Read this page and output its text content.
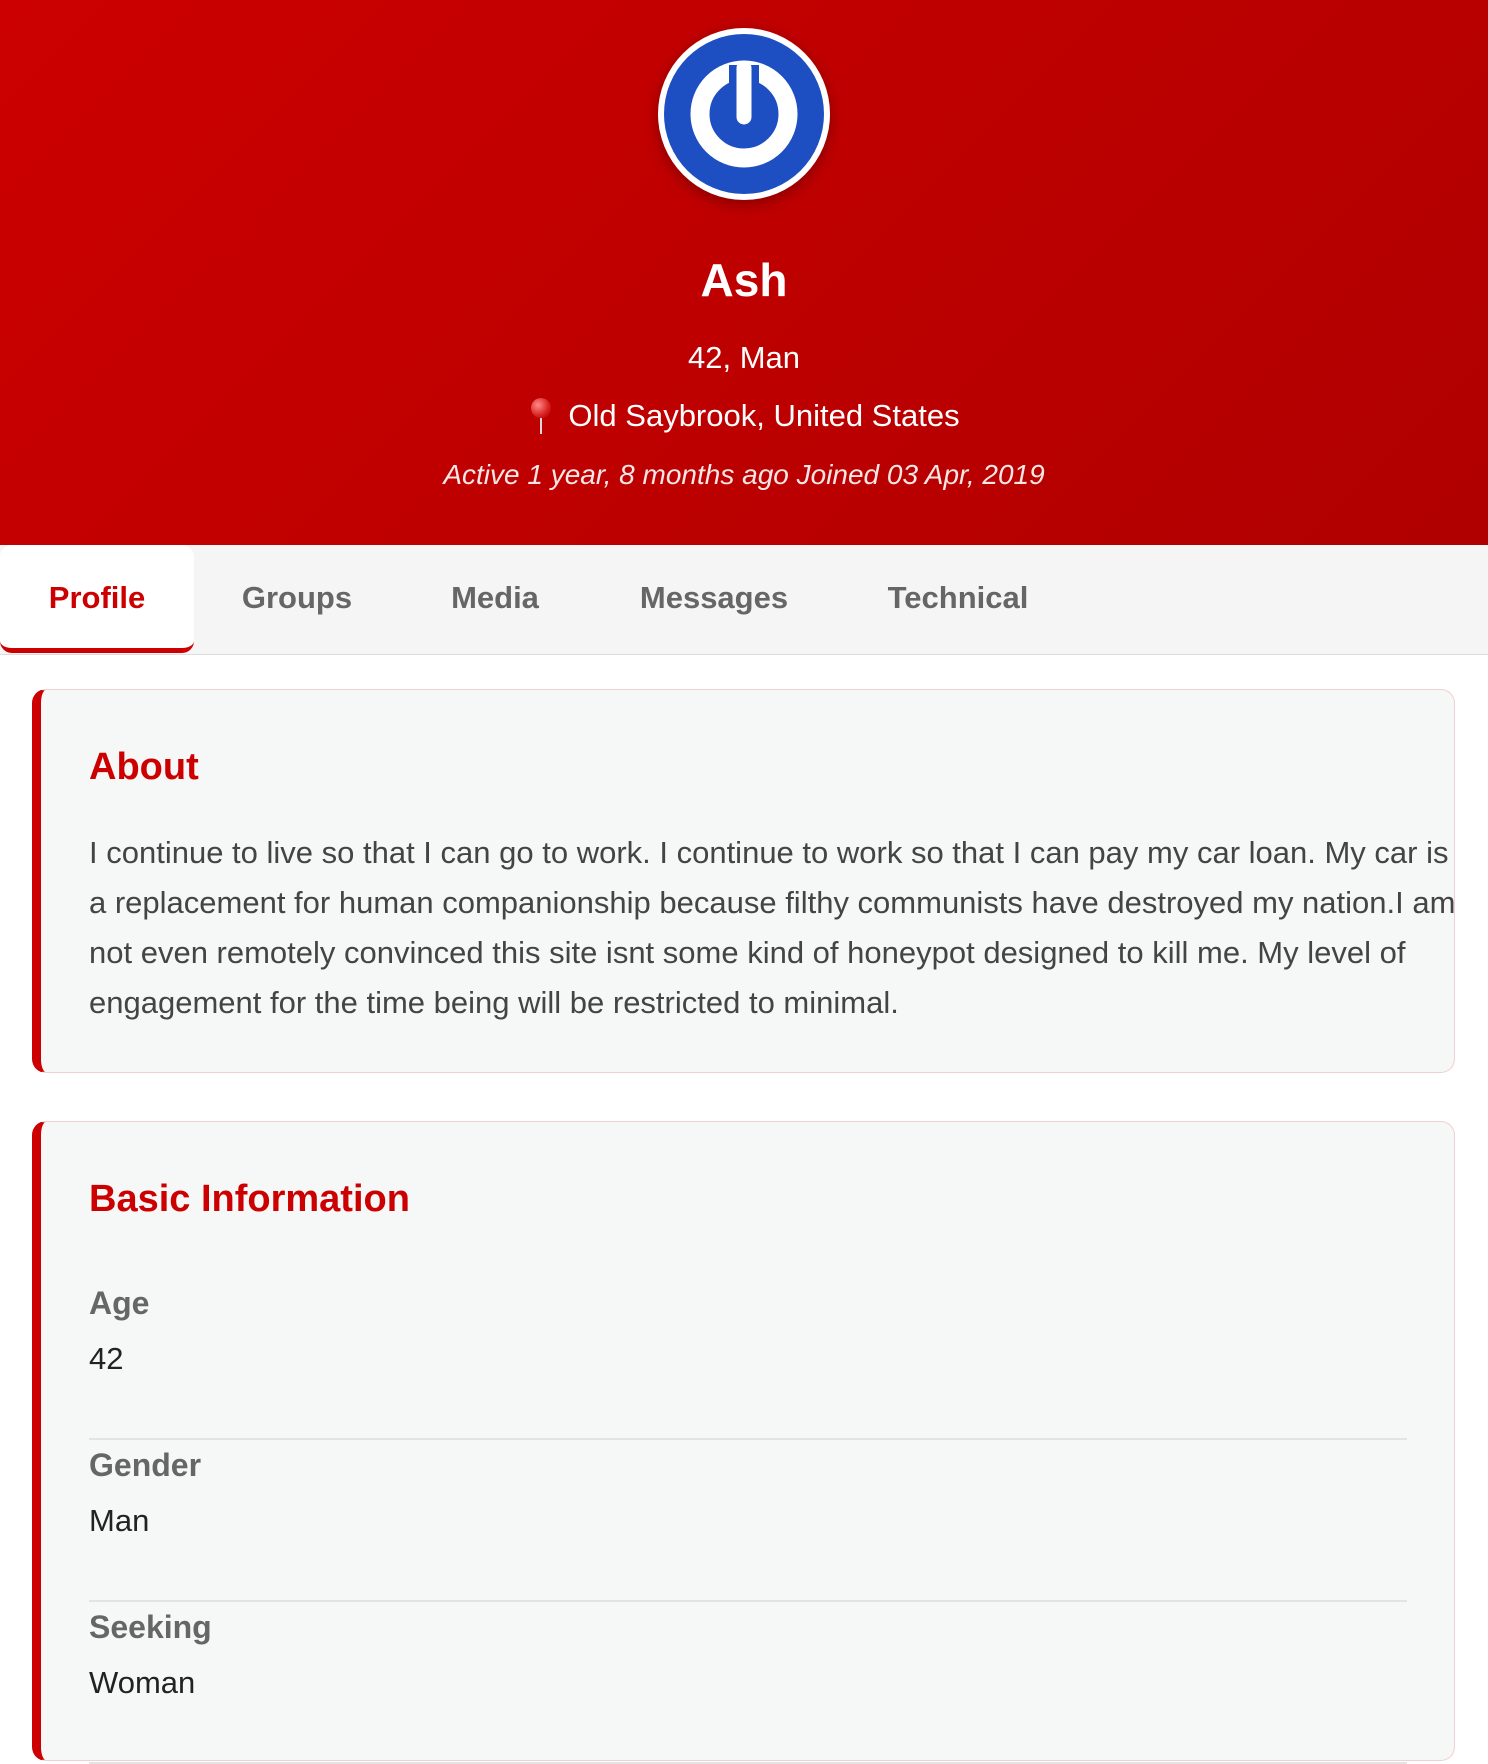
Ash
42, Man
Old Saybrook, United States
Active 1 year, 8 months ago Joined 03 Apr, 2019
Profile	Groups	Media	Messages	Technical
About
I continue to live so that I can go to work. I continue to work so that I can pay my car loan. My car is a replacement for human companionship because filthy communists have destroyed my nation.I am not even remotely convinced this site isnt some kind of honeypot designed to kill me. My level of engagement for the time being will be restricted to minimal.
Basic Information
Age
42
Gender
Man
Seeking
Woman
